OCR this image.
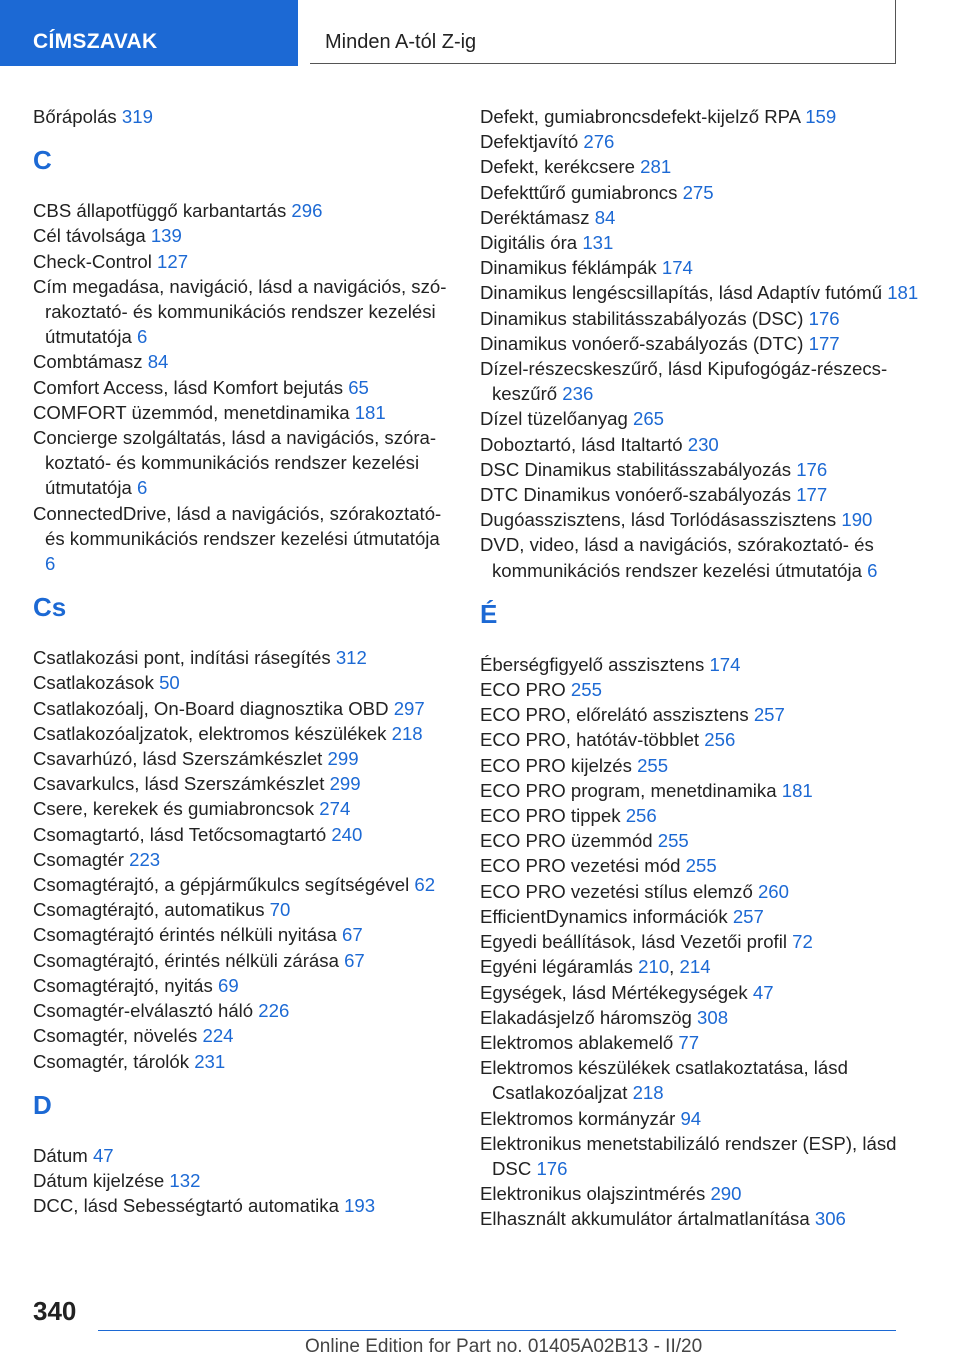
CÍMSZAVAK	Minden A-tól Z-ig
Bőrápolás 319
C
CBS állapotfüggő karbantartás 296
Cél távolsága 139
Check-Control 127
Cím megadása, navigáció, lásd a navigációs, szórakoztató- és kommunikációs rendszer kezelési útmutatója 6
Combtámasz 84
Comfort Access, lásd Komfort bejutás 65
COMFORT üzemmód, menetdinamika 181
Concierge szolgáltatás, lásd a navigációs, szórakoztató- és kommunikációs rendszer kezelési útmutatója 6
ConnectedDrive, lásd a navigációs, szórakoztató- és kommunikációs rendszer kezelési útmutatója 6
Cs
Csatlakozási pont, indítási rásegítés 312
Csatlakozások 50
Csatlakozóalj, On-Board diagnosztika OBD 297
Csatlakozóaljzatok, elektromos készülékek 218
Csavarhúzó, lásd Szerszámkészlet 299
Csavarkulcs, lásd Szerszámkészlet 299
Csere, kerekek és gumiabroncsok 274
Csomagtartó, lásd Tetőcsomagtartó 240
Csomagtér 223
Csomagtérajtó, a gépjárműkulcs segítségével 62
Csomagtérajtó, automatikus 70
Csomagtérajtó érintés nélküli nyitása 67
Csomagtérajtó, érintés nélküli zárása 67
Csomagtérajtó, nyitás 69
Csomagtér-elválasztó háló 226
Csomagtér, növelés 224
Csomagtér, tárolók 231
D
Dátum 47
Dátum kijelzése 132
DCC, lásd Sebességtartó automatika 193
Defekt, gumiabroncsdefekt-kijelző RPA 159
Defektjavító 276
Defekt, kerékcsere 281
Defekttűrő gumiabroncs 275
Deréktámasz 84
Digitális óra 131
Dinamikus féklámpák 174
Dinamikus lengéscsillapítás, lásd Adaptív futómű 181
Dinamikus stabilitásszabályozás (DSC) 176
Dinamikus vonóerő-szabályozás (DTC) 177
Dízel-részecskeszűrő, lásd Kipufogógáz-részecskeszűrő 236
Dízel tüzelőanyag 265
Doboztartó, lásd Italtartó 230
DSC Dinamikus stabilitásszabályozás 176
DTC Dinamikus vonóerő-szabályozás 177
Dugóasszisztens, lásd Torlódásasszisztens 190
DVD, video, lásd a navigációs, szórakoztató- és kommunikációs rendszer kezelési útmutatója 6
É
Éberségfigyelő asszisztens 174
ECO PRO 255
ECO PRO, előrelátó asszisztens 257
ECO PRO, hatótáv-többlet 256
ECO PRO kijelzés 255
ECO PRO program, menetdinamika 181
ECO PRO tippek 256
ECO PRO üzemmód 255
ECO PRO vezetési mód 255
ECO PRO vezetési stílus elemző 260
EfficientDynamics információk 257
Egyedi beállítások, lásd Vezetői profil 72
Egyéni légáramlás 210, 214
Egységek, lásd Mértékegységek 47
Elakadásjelző háromszög 308
Elektromos ablakemelő 77
Elektromos készülékek csatlakoztatása, lásd Csatlakozóaljzat 218
Elektromos kormányzár 94
Elektronikus menetstabilizáló rendszer (ESP), lásd DSC 176
Elektronikus olajszintmérés 290
Elhasznált akkumulátor ártalmatlanítása 306
340
Online Edition for Part no. 01405A02B13 - II/20
